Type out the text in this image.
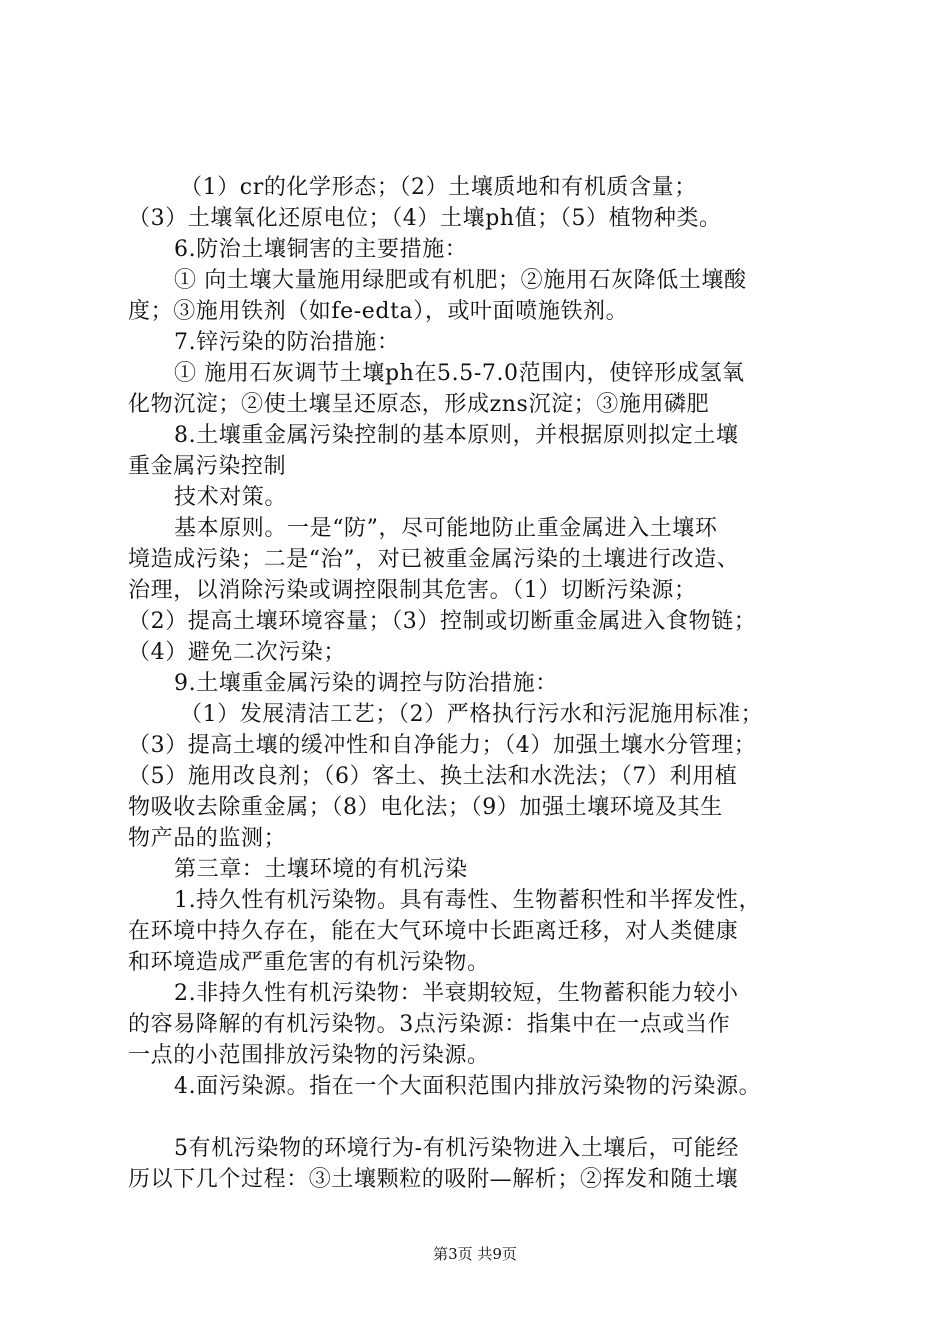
（1）cr的化学形态；（2）土壤质地和有机质含量；
（3）土壤氧化还原电位；（4）土壤ph值；（5）植物种类。
6.防治土壤铜害的主要措施：
① 向土壤大量施用绿肥或有机肥；②施用石灰降低土壤酸
度；③施用铁剂（如fe-edta），或叶面喷施铁剂。
7.锌污染的防治措施：
① 施用石灰调节土壤ph在5.5-7.0范围内，使锌形成氢氧
化物沉淀；②使土壤呈还原态，形成zns沉淀；③施用磷肥
8.土壤重金属污染控制的基本原则，并根据原则拟定土壤
重金属污染控制
技术对策。
基本原则。一是“防”，尽可能地防止重金属进入土壤环
境造成污染；二是“治”，对已被重金属污染的土壤进行改造、
治理，以消除污染或调控限制其危害。（1）切断污染源；
（2）提高土壤环境容量；（3）控制或切断重金属进入食物链；
（4）避免二次污染；
9.土壤重金属污染的调控与防治措施：
（1）发展清洁工艺；（2）严格执行污水和污泥施用标准；
（3）提高土壤的缓冲性和自净能力；（4）加强土壤水分管理；
（5）施用改良剂；（6）客土、换土法和水洗法；（7）利用植
物吸收去除重金属；（8）电化法；（9）加强土壤环境及其生
物产品的监测；
第三章：土壤环境的有机污染
1.持久性有机污染物。具有毒性、生物蓄积性和半挥发性，
在环境中持久存在，能在大气环境中长距离迁移，对人类健康
和环境造成严重危害的有机污染物。
2.非持久性有机污染物：半衰期较短，生物蓄积能力较小
的容易降解的有机污染物。3点污染源：指集中在一点或当作
一点的小范围排放污染物的污染源。
4.面污染源。指在一个大面积范围内排放污染物的污染源。
5有机污染物的环境行为-有机污染物进入土壤后，可能经
历以下几个过程：③土壤颗粒的吸附—解析；②挥发和随土壤
第3页 共9页
